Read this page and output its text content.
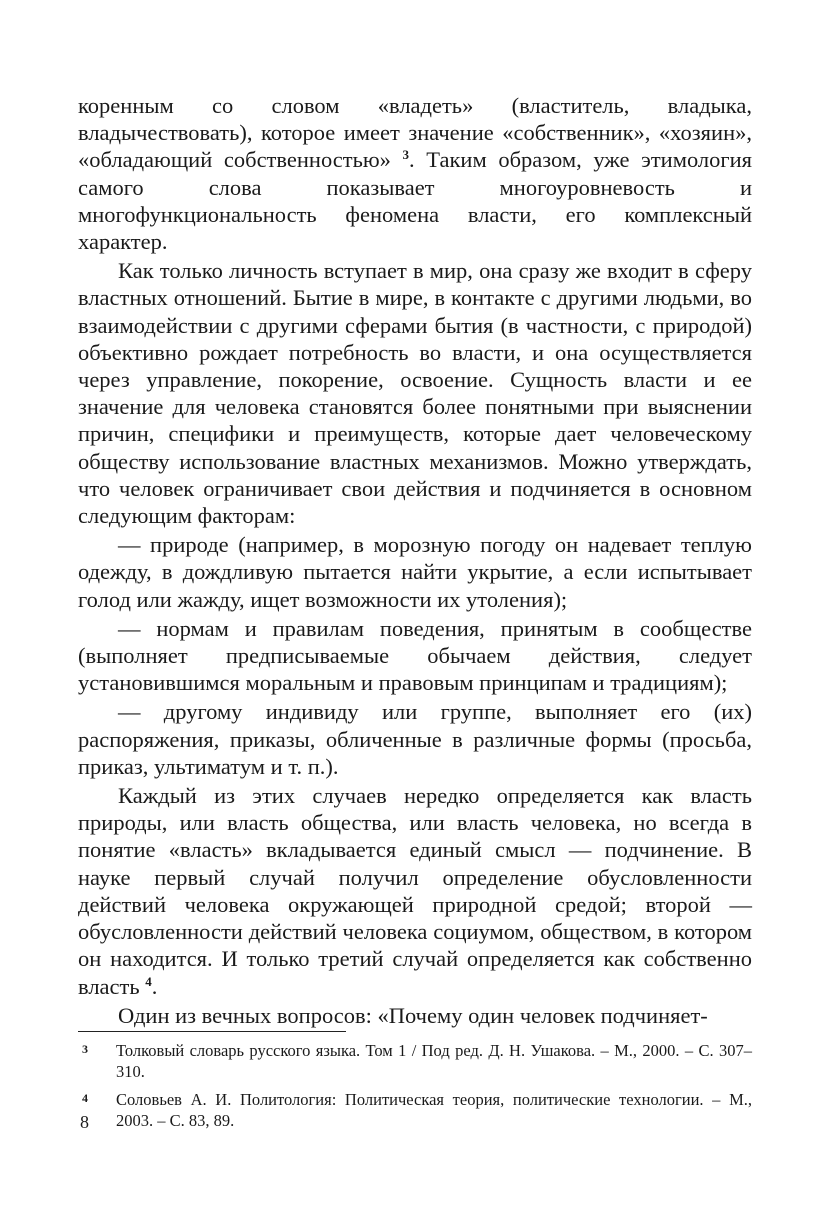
коренным со словом «владеть» (властитель, владыка, владычествовать), которое имеет значение «собственник», «хозяин», «обладающий собственностью» $^3$. Таким образом, уже этимология самого слова показывает многоуровневость и многофункциональность феномена власти, его комплексный характер.

Как только личность вступает в мир, она сразу же входит в сферу властных отношений. Бытие в мире, в контакте с другими людьми, во взаимодействии с другими сферами бытия (в частности, с природой) объективно рождает потребность во власти, и она осуществляется через управление, покорение, освоение. Сущность власти и ее значение для человека становятся более понятными при выяснении причин, специфики и преимуществ, которые дает человеческому обществу использование властных механизмов. Можно утверждать, что человек ограничивает свои действия и подчиняется в основном следующим факторам:

— природе (например, в морозную погоду он надевает теплую одежду, в дождливую пытается найти укрытие, а если испытывает голод или жажду, ищет возможности их утоления);

— нормам и правилам поведения, принятым в сообществе (выполняет предписываемые обычаем действия, следует установившимся моральным и правовым принципам и традициям);

— другому индивиду или группе, выполняет его (их) распоряжения, приказы, обличенные в различные формы (просьба, приказ, ультиматум и т. п.).

Каждый из этих случаев нередко определяется как власть природы, или власть общества, или власть человека, но всегда в понятие «власть» вкладывается единый смысл — подчинение. В науке первый случай получил определение обусловленности действий человека окружающей природной средой; второй — обусловленности действий человека социумом, обществом, в котором он находится. И только третий случай определяется как собственно власть $^4$.

Один из вечных вопросов: «Почему один человек подчиняет-

3	Толковый словарь русского языка. Том 1 / Под ред. Д. Н. Ушакова. – М., 2000. – С. 307–310.
4	Соловьев А. И. Политология: Политическая теория, политические технологии. – М., 2003. – С. 83, 89.
8
